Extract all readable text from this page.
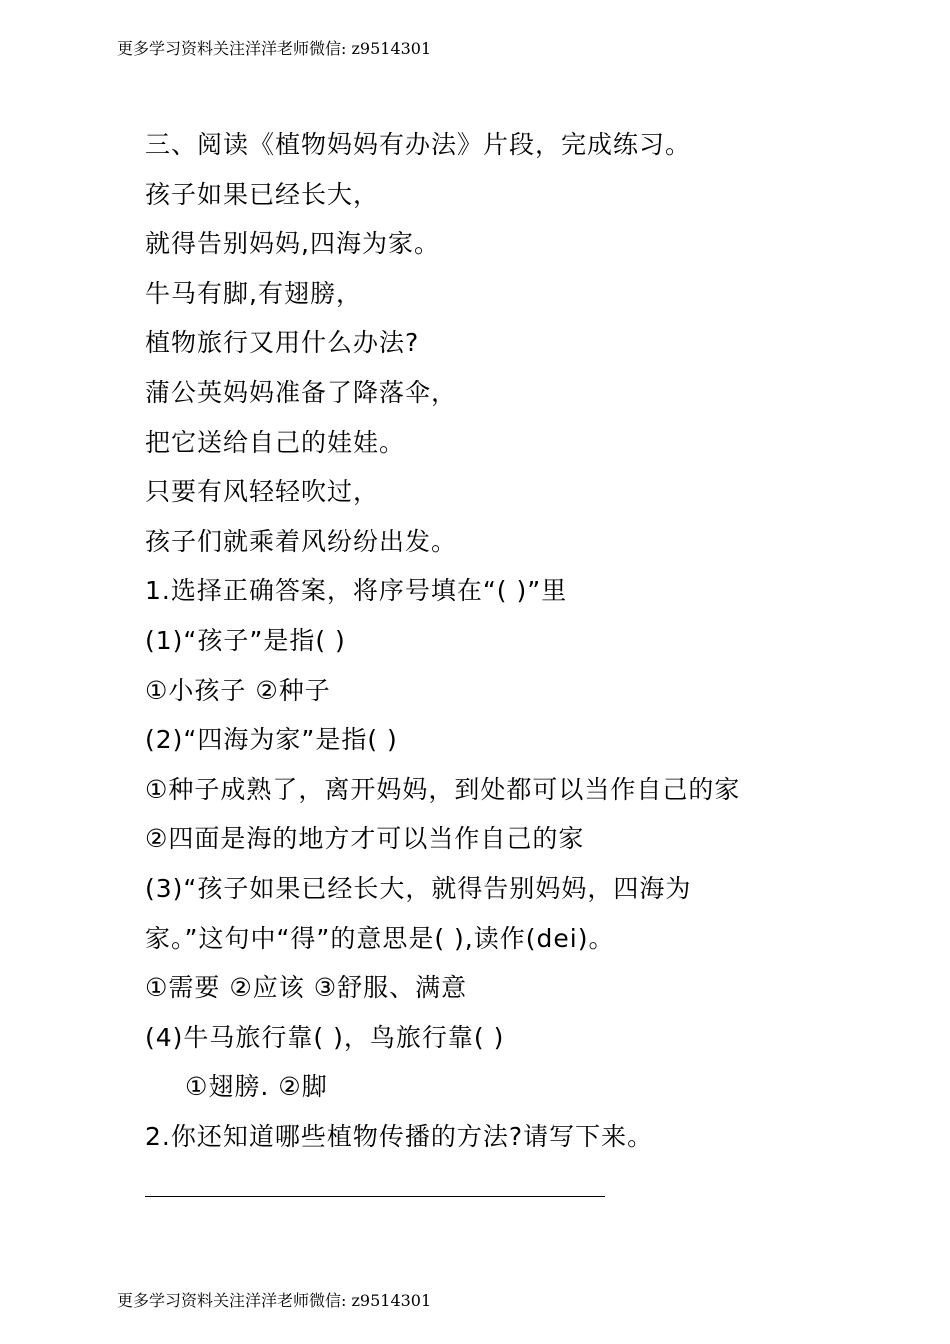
更多学习资料关注洋洋老师微信: z9514301
三、阅读《植物妈妈有办法》片段，完成练习。
孩子如果已经长大，
就得告别妈妈,四海为家。
牛马有脚,有翅膀，
植物旅行又用什么办法?
蒲公英妈妈准备了降落伞，
把它送给自己的娃娃。
只要有风轻轻吹过，
孩子们就乘着风纷纷出发。
1.选择正确答案，将序号填在“( )”里
(1)“孩子”是指( )
①小孩子 ②种子
(2)“四海为家”是指( )
①种子成熟了，离开妈妈，到处都可以当作自己的家
②四面是海的地方才可以当作自己的家
(3)“孩子如果已经长大，就得告别妈妈，四海为
家。”这句中“得”的意思是( ),读作(dei)。
①需要 ②应该 ③舒服、满意
(4)牛马旅行靠( )，鸟旅行靠( )
①翅膀. ②脚
2.你还知道哪些植物传播的方法?请写下来。
更多学习资料关注洋洋老师微信: z9514301
